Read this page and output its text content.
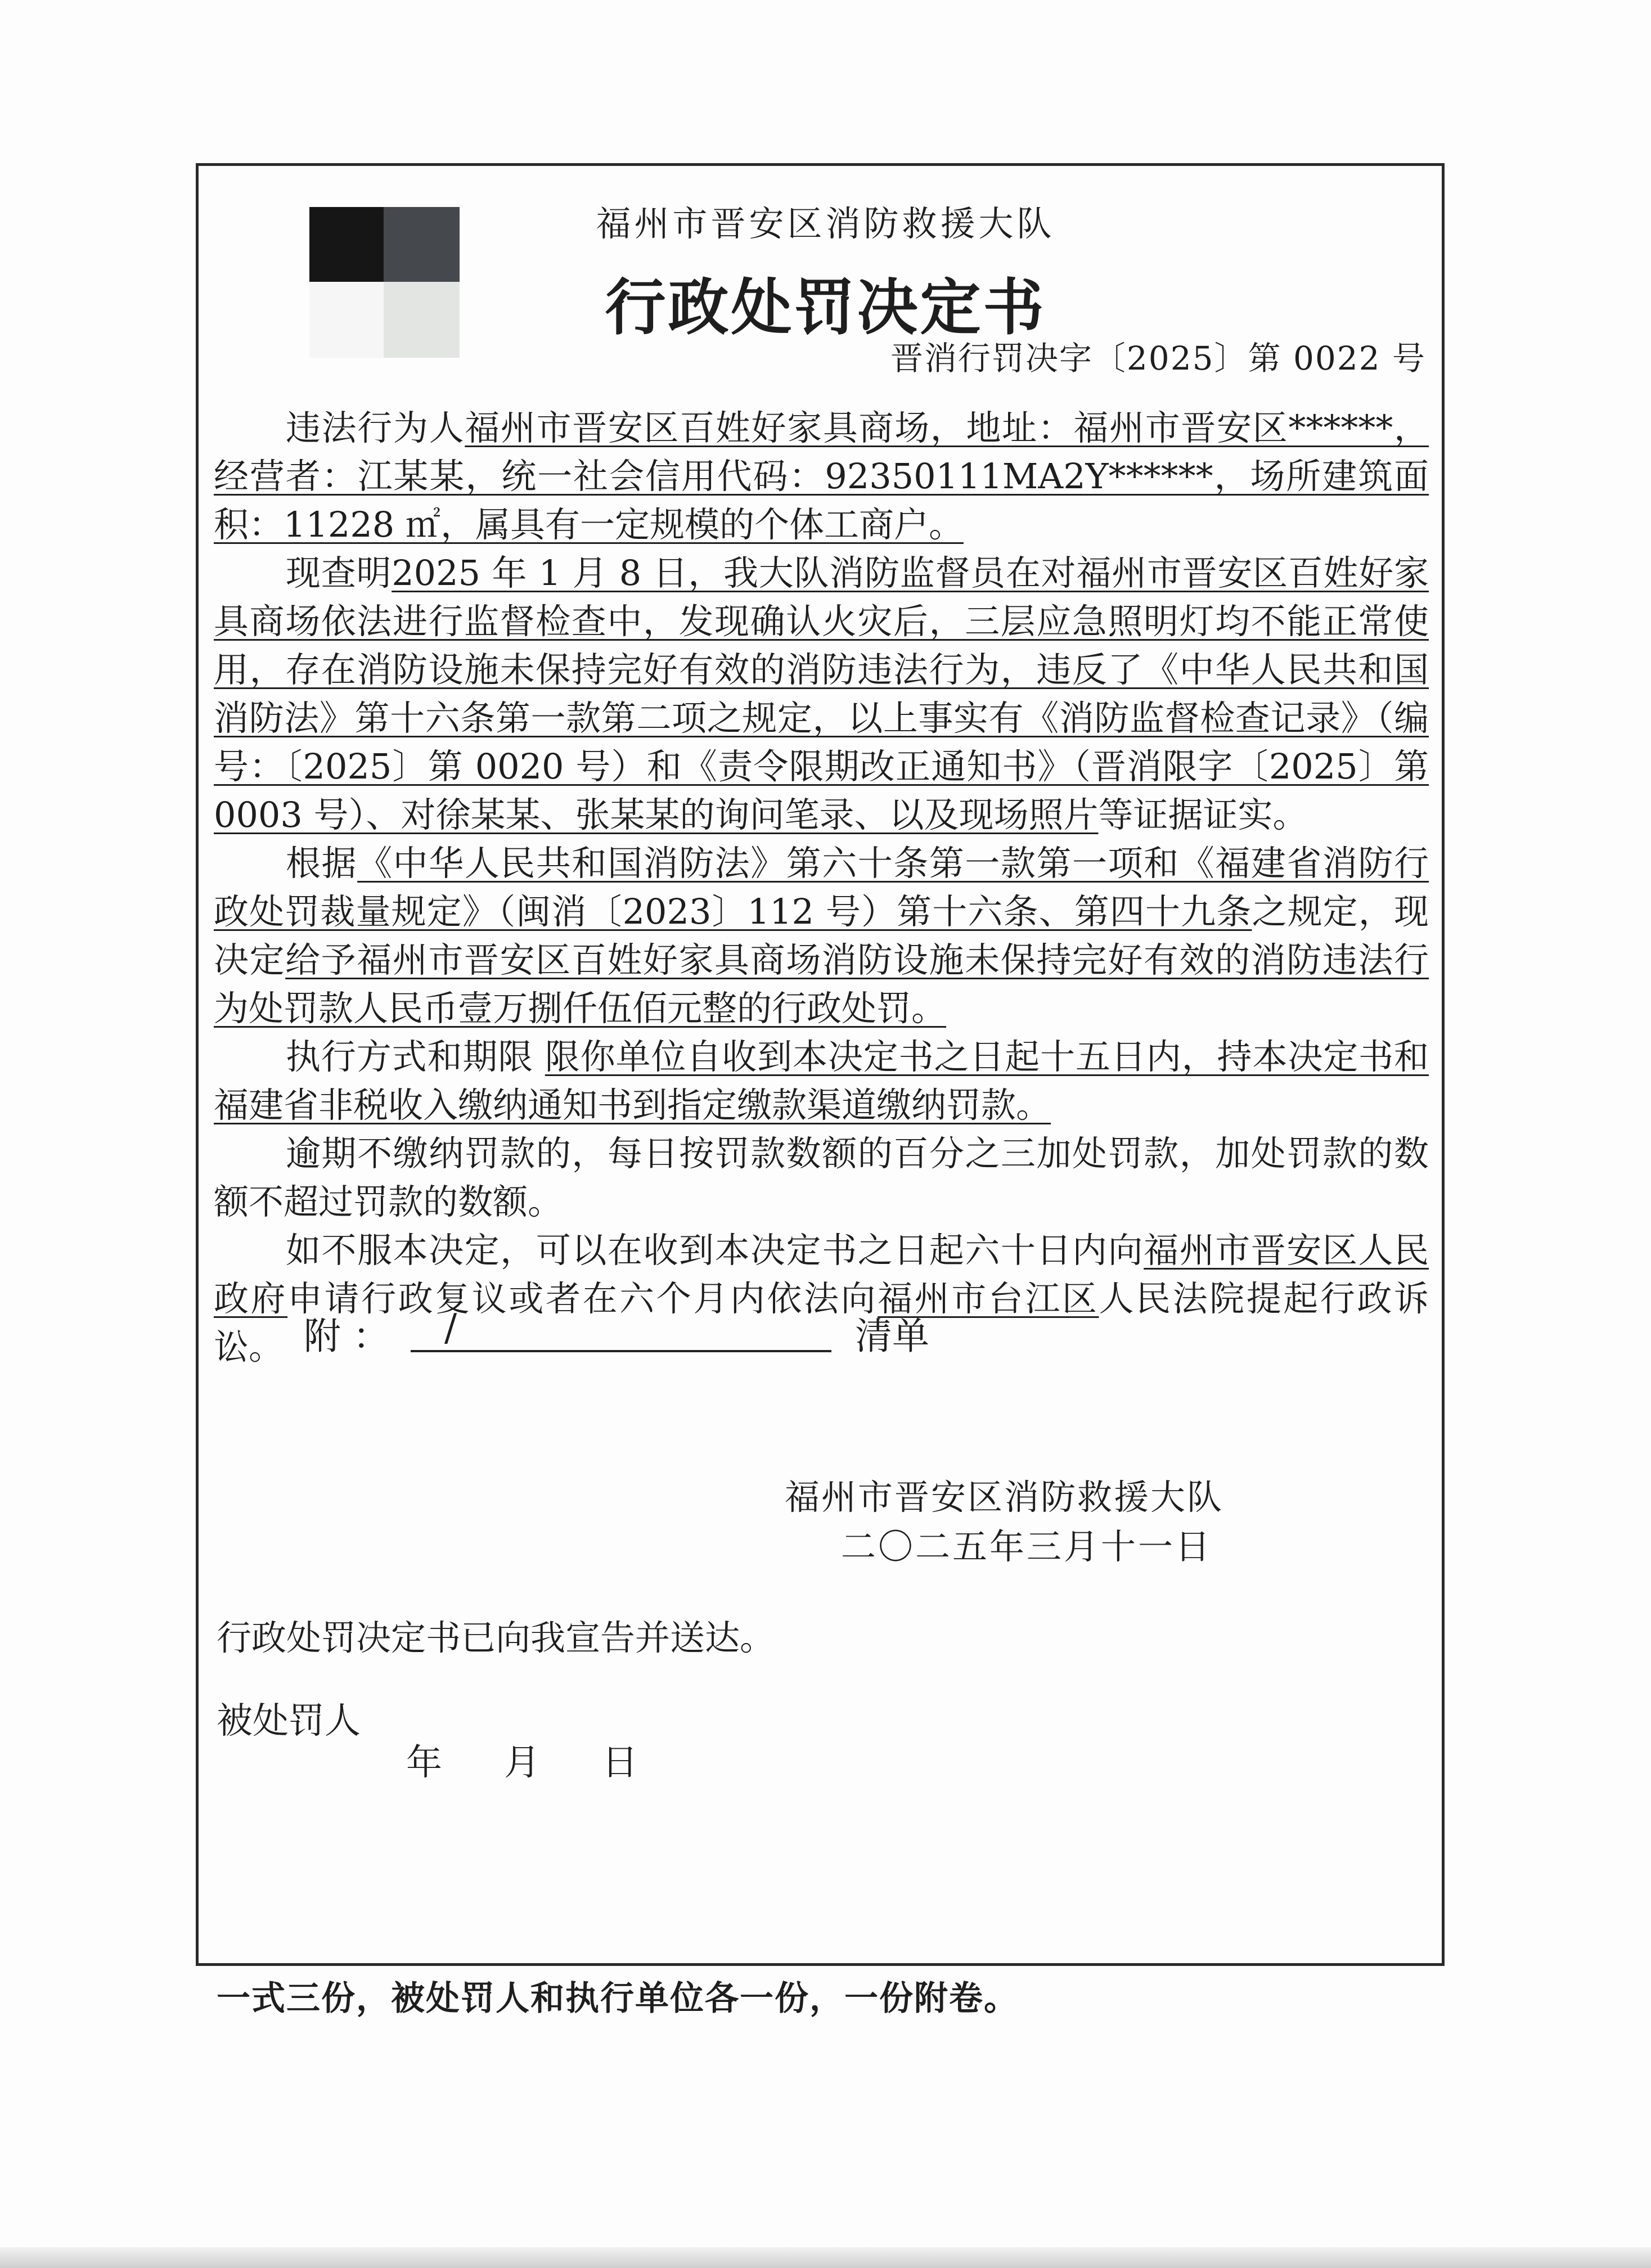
福州市晋安区消防救援大队
行政处罚决定书
晋消行罚决字〔2025〕第 0022 号

违法行为人福州市晋安区百姓好家具商场，地址：福州市晋安区******，经营者：江某某，统一社会信用代码：92350111MA2Y******，场所建筑面积：11228 ㎡，属具有一定规模的个体工商户。

现查明2025 年 1 月 8 日，我大队消防监督员在对福州市晋安区百姓好家具商场依法进行监督检查中，发现确认火灾后，三层应急照明灯均不能正常使用，存在消防设施未保持完好有效的消防违法行为，违反了《中华人民共和国消防法》第十六条第一款第二项之规定，以上事实有《消防监督检查记录》（编号：〔2025〕第 0020 号）和《责令限期改正通知书》（晋消限字〔2025〕第 0003 号）、对徐某某、张某某的询问笔录、以及现场照片等证据证实。

根据《中华人民共和国消防法》第六十条第一款第一项和《福建省消防行政处罚裁量规定》（闽消〔2023〕112 号）第十六条、第四十九条之规定，现决定给予福州市晋安区百姓好家具商场消防设施未保持完好有效的消防违法行为处罚款人民币壹万捌仟伍佰元整的行政处罚。

执行方式和期限 限你单位自收到本决定书之日起十五日内，持本决定书和福建省非税收入缴纳通知书到指定缴款渠道缴纳罚款。

逾期不缴纳罚款的，每日按罚款数额的百分之三加处罚款，加处罚款的数额不超过罚款的数额。

如不服本决定，可以在收到本决定书之日起六十日内向福州市晋安区人民政府申请行政复议或者在六个月内依法向福州市台江区人民法院提起行政诉讼。 附 ： /	清单
福州市晋安区消防救援大队
二〇二五年三月十一日
行政处罚决定书已向我宣告并送达。
被处罚人
年 月 日
一式三份，被处罚人和执行单位各一份，一份附卷。
